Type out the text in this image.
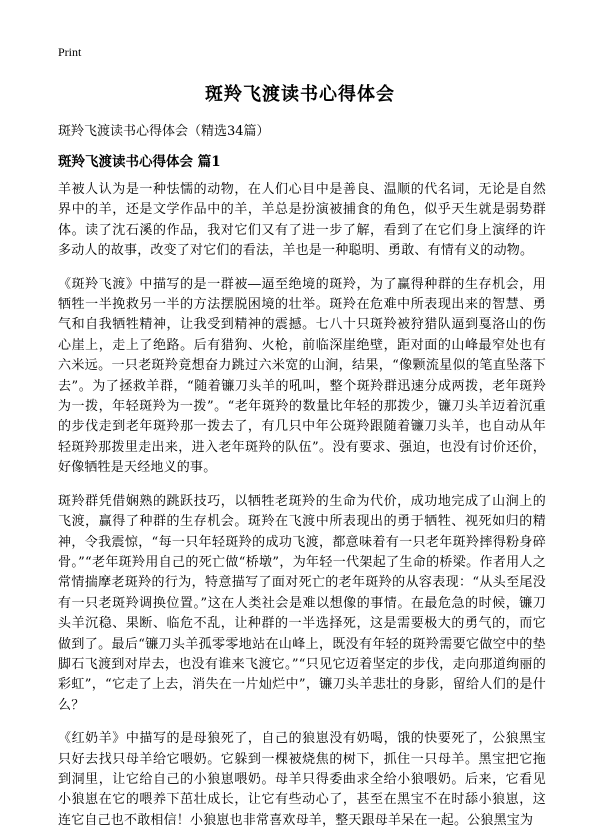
Print
斑羚飞渡读书心得体会
斑羚飞渡读书心得体会（精选34篇）
斑羚飞渡读书心得体会 篇1

羊被人认为是一种怯懦的动物，在人们心目中是善良、温顺的代名词，无论是自然界中的羊，还是文学作品中的羊，羊总是扮演被捕食的角色，似乎天生就是弱势群体。读了沈石溪的作品，我对它们又有了进一步了解，看到了在它们身上演绎的许多动人的故事，改变了对它们的看法，羊也是一种聪明、勇敢、有情有义的动物。

《斑羚飞渡》中描写的是一群被―逼至绝境的斑羚，为了赢得种群的生存机会，用牺牲一半挽救另一半的方法摆脱困境的壮举。斑羚在危难中所表现出来的智慧、勇气和自我牺牲精神，让我受到精神的震撼。七八十只斑羚被狩猎队逼到戛洛山的伤心崖上，走上了绝路。后有猎狗、火枪，前临深崖绝壁，距对面的山峰最窄处也有六米远。一只老斑羚竟想奋力跳过六米宽的山涧，结果，“像颗流星似的笔直坠落下去”。为了拯救羊群，“随着镰刀头羊的吼叫，整个斑羚群迅速分成两拨，老年斑羚为一拨，年轻斑羚为一拨”。“老年斑羚的数量比年轻的那拨少，镰刀头羊迈着沉重的步伐走到老年斑羚那一拨去了，有几只中年公斑羚跟随着镰刀头羊，也自动从年轻斑羚那拨里走出来，进入老年斑羚的队伍”。没有要求、强迫，也没有讨价还价，好像牺牲是天经地义的事。

斑羚群凭借娴熟的跳跃技巧，以牺牲老斑羚的生命为代价，成功地完成了山涧上的飞渡，赢得了种群的生存机会。斑羚在飞渡中所表现出的勇于牺牲、视死如归的精神，令我震惊，“每一只年轻斑羚的成功飞渡，都意味着有一只老年斑羚摔得粉身碎骨。”“老年斑羚用自己的死亡做“桥墩”，为年轻一代架起了生命的桥梁。作者用人之常情揣摩老斑羚的行为，特意描写了面对死亡的老年斑羚的从容表现：“从头至尾没有一只老斑羚调换位置。”这在人类社会是难以想像的事情。在最危急的时候，镰刀头羊沉稳、果断、临危不乱，让种群的一半选择死，这是需要极大的勇气的，而它做到了。最后“镰刀头羊孤零零地站在山峰上，既没有年轻的斑羚需要它做空中的垫脚石飞渡到对岸去，也没有谁来飞渡它。”“只见它迈着坚定的步伐，走向那道绚丽的彩虹”，“它走了上去，消失在一片灿烂中”，镰刀头羊悲壮的身影，留给人们的是什么？

《红奶羊》中描写的是母狼死了，自己的狼崽没有奶喝，饿的快要死了，公狼黑宝只好去找只母羊给它喂奶。它躲到一棵被烧焦的树下，抓住一只母羊。黑宝把它拖到洞里，让它给自己的小狼崽喂奶。母羊只得委曲求全给小狼喂奶。后来，它看见小狼崽在它的喂养下茁壮成长，让它有些动心了，甚至在黑宝不在时舔小狼崽，这连它自己也不敢相信！小狼崽也非常喜欢母羊，整天跟母羊呆在一起。公狼黑宝为
